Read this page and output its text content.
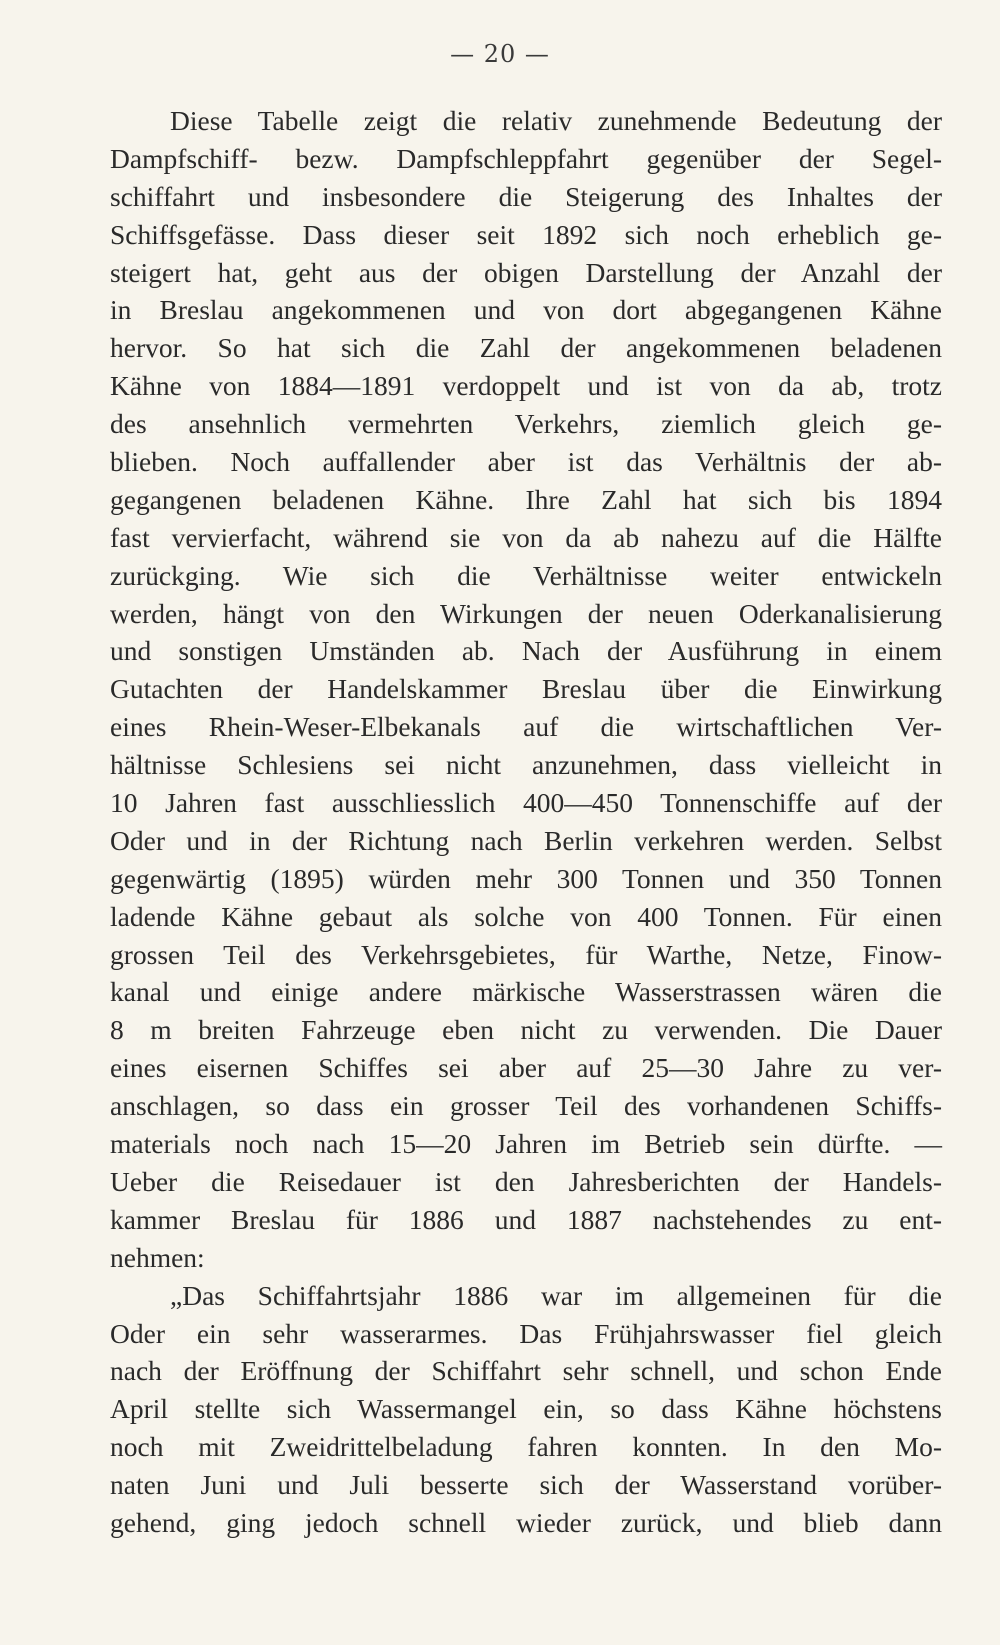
— 20 —
Diese Tabelle zeigt die relativ zunehmende Bedeutung der
Dampfschiff- bezw. Dampfschleppfahrt gegenüber der Segel-
schiffahrt und insbesondere die Steigerung des Inhaltes der
Schiffsgefässe. Dass dieser seit 1892 sich noch erheblich ge-
steigert hat, geht aus der obigen Darstellung der Anzahl der
in Breslau angekommenen und von dort abgegangenen Kähne
hervor. So hat sich die Zahl der angekommenen beladenen
Kähne von 1884—1891 verdoppelt und ist von da ab, trotz
des ansehnlich vermehrten Verkehrs, ziemlich gleich ge-
blieben. Noch auffallender aber ist das Verhältnis der ab-
gegangenen beladenen Kähne. Ihre Zahl hat sich bis 1894
fast vervierfacht, während sie von da ab nahezu auf die Hälfte
zurückging. Wie sich die Verhältnisse weiter entwickeln
werden, hängt von den Wirkungen der neuen Oderkanalisierung
und sonstigen Umständen ab. Nach der Ausführung in einem
Gutachten der Handelskammer Breslau über die Einwirkung
eines Rhein-Weser-Elbekanals auf die wirtschaftlichen Ver-
hältnisse Schlesiens sei nicht anzunehmen, dass vielleicht in
10 Jahren fast ausschliesslich 400—450 Tonnenschiffe auf der
Oder und in der Richtung nach Berlin verkehren werden. Selbst
gegenwärtig (1895) würden mehr 300 Tonnen und 350 Tonnen
ladende Kähne gebaut als solche von 400 Tonnen. Für einen
grossen Teil des Verkehrsgebietes, für Warthe, Netze, Finow-
kanal und einige andere märkische Wasserstrassen wären die
8 m breiten Fahrzeuge eben nicht zu verwenden. Die Dauer
eines eisernen Schiffes sei aber auf 25—30 Jahre zu ver-
anschlagen, so dass ein grosser Teil des vorhandenen Schiffs-
materials noch nach 15—20 Jahren im Betrieb sein dürfte. —
Ueber die Reisedauer ist den Jahresberichten der Handels-
kammer Breslau für 1886 und 1887 nachstehendes zu ent-
nehmen:
„Das Schiffahrtsjahr 1886 war im allgemeinen für die
Oder ein sehr wasserarmes. Das Frühjahrswasser fiel gleich
nach der Eröffnung der Schiffahrt sehr schnell, und schon Ende
April stellte sich Wassermangel ein, so dass Kähne höchstens
noch mit Zweidrittelbeladung fahren konnten. In den Mo-
naten Juni und Juli besserte sich der Wasserstand vorüber-
gehend, ging jedoch schnell wieder zurück, und blieb dann
